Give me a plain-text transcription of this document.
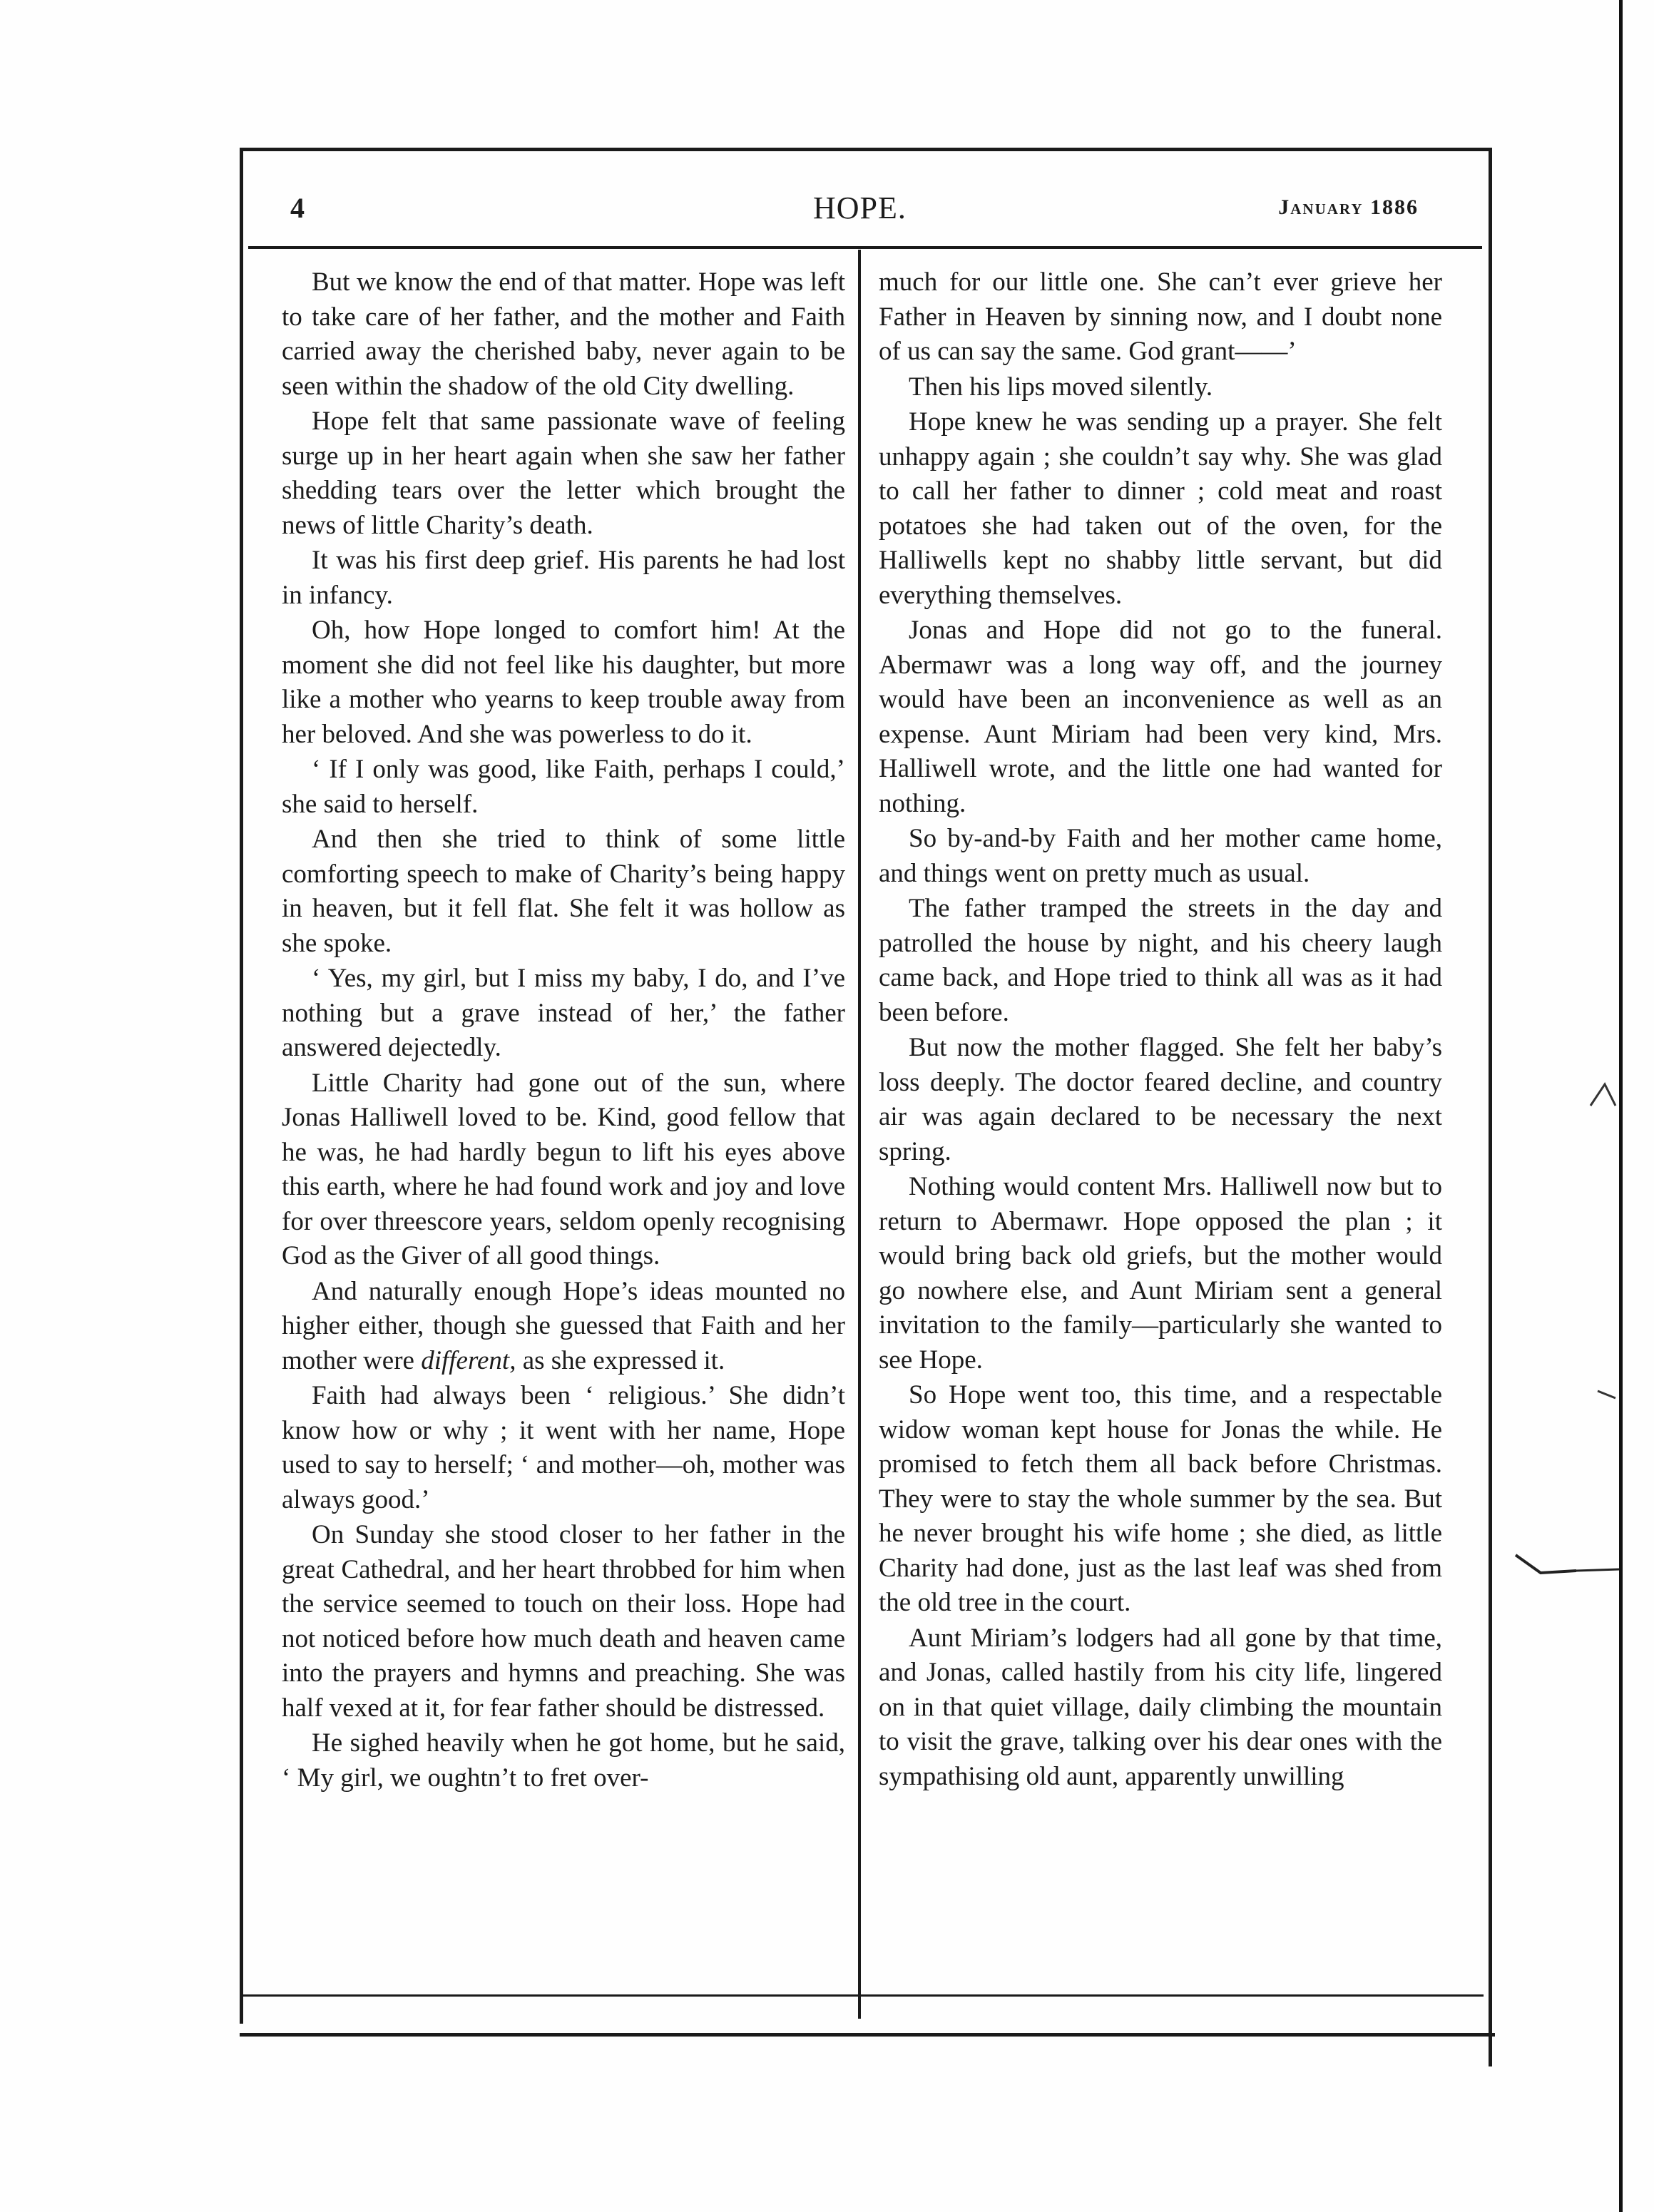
4	HOPE.	January 1886

But we know the end of that matter. Hope was left to take care of her father, and the mother and Faith carried away the cherished baby, never again to be seen within the shadow of the old City dwelling.

Hope felt that same passionate wave of feeling surge up in her heart again when she saw her father shedding tears over the letter which brought the news of little Charity’s death.

It was his first deep grief. His parents he had lost in infancy.

Oh, how Hope longed to comfort him! At the moment she did not feel like his daughter, but more like a mother who yearns to keep trouble away from her beloved. And she was powerless to do it.

‘ If I only was good, like Faith, perhaps I could,’ she said to herself.

And then she tried to think of some little comforting speech to make of Charity’s being happy in heaven, but it fell flat. She felt it was hollow as she spoke.

‘ Yes, my girl, but I miss my baby, I do, and I’ve nothing but a grave instead of her,’ the father answered dejectedly.

Little Charity had gone out of the sun, where Jonas Halliwell loved to be. Kind, good fellow that he was, he had hardly begun to lift his eyes above this earth, where he had found work and joy and love for over threescore years, seldom openly recognising God as the Giver of all good things.

And naturally enough Hope’s ideas mounted no higher either, though she guessed that Faith and her mother were different, as she expressed it.

Faith had always been ‘ religious.’ She didn’t know how or why ; it went with her name, Hope used to say to herself; ‘ and mother—oh, mother was always good.’

On Sunday she stood closer to her father in the great Cathedral, and her heart throbbed for him when the service seemed to touch on their loss. Hope had not noticed before how much death and heaven came into the prayers and hymns and preaching. She was half vexed at it, for fear father should be distressed.

He sighed heavily when he got home, but he said, ‘ My girl, we oughtn’t to fret over-

much for our little one. She can’t ever grieve her Father in Heaven by sinning now, and I doubt none of us can say the same. God grant——’

Then his lips moved silently.

Hope knew he was sending up a prayer. She felt unhappy again ; she couldn’t say why. She was glad to call her father to dinner ; cold meat and roast potatoes she had taken out of the oven, for the Halliwells kept no shabby little servant, but did everything themselves.

Jonas and Hope did not go to the funeral. Abermawr was a long way off, and the journey would have been an inconvenience as well as an expense. Aunt Miriam had been very kind, Mrs. Halliwell wrote, and the little one had wanted for nothing.

So by-and-by Faith and her mother came home, and things went on pretty much as usual.

The father tramped the streets in the day and patrolled the house by night, and his cheery laugh came back, and Hope tried to think all was as it had been before.

But now the mother flagged. She felt her baby’s loss deeply. The doctor feared decline, and country air was again declared to be necessary the next spring.

Nothing would content Mrs. Halliwell now but to return to Abermawr. Hope opposed the plan ; it would bring back old griefs, but the mother would go nowhere else, and Aunt Miriam sent a general invitation to the family—particularly she wanted to see Hope.

So Hope went too, this time, and a respectable widow woman kept house for Jonas the while. He promised to fetch them all back before Christmas. They were to stay the whole summer by the sea. But he never brought his wife home ; she died, as little Charity had done, just as the last leaf was shed from the old tree in the court.

Aunt Miriam’s lodgers had all gone by that time, and Jonas, called hastily from his city life, lingered on in that quiet village, daily climbing the mountain to visit the grave, talking over his dear ones with the sympathising old aunt, apparently unwilling
